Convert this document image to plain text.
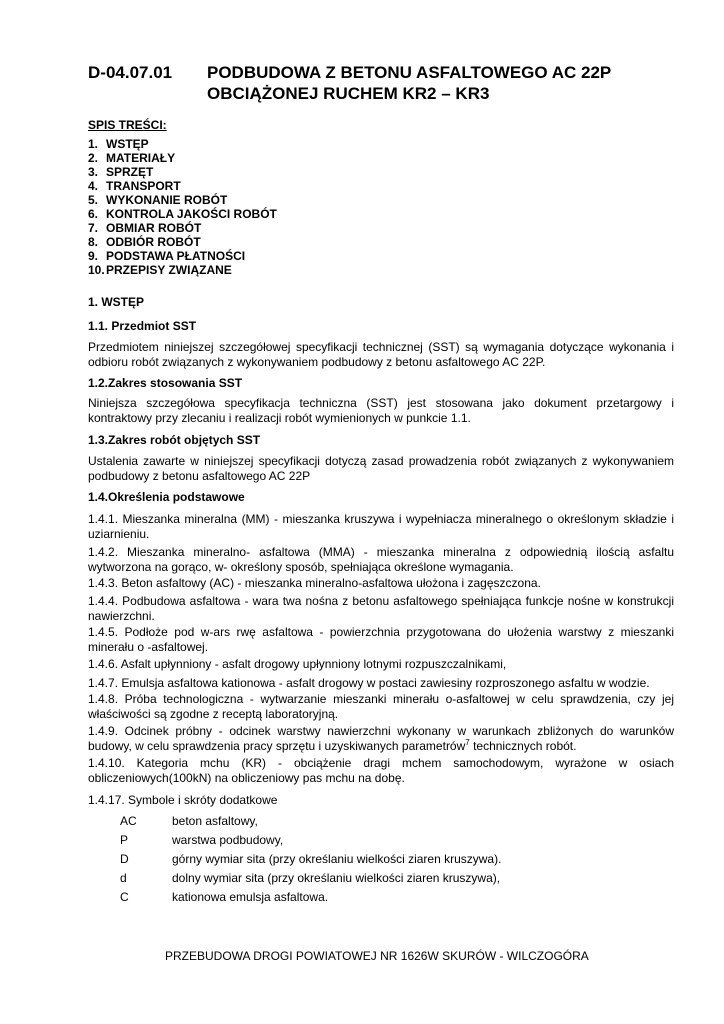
D-04.07.01 PODBUDOWA Z BETONU ASFALTOWEGO AC 22P
OBCIĄŻONEJ RUCHEM KR2 – KR3
SPIS TREŚCI:
1. WSTĘP
2. MATERIAŁY
3. SPRZĘT
4. TRANSPORT
5. WYKONANIE ROBÓT
6. KONTROLA JAKOŚCI ROBÓT
7. OBMIAR ROBÓT
8. ODBIÓR ROBÓT
9. PODSTAWA PŁATNOŚCI
10. PRZEPISY ZWIĄZANE
1. WSTĘP
1.1. Przedmiot SST
Przedmiotem niniejszej szczegółowej specyfikacji technicznej (SST) są wymagania dotyczące wykonania i odbioru robót związanych z wykonywaniem podbudowy z betonu asfaltowego AC 22P.
1.2.Zakres stosowania SST
Niniejsza szczegółowa specyfikacja techniczna (SST) jest stosowana jako dokument przetargowy i kontraktowy przy zlecaniu i realizacji robót wymienionych w punkcie 1.1.
1.3.Zakres robót objętych SST
Ustalenia zawarte w niniejszej specyfikacji dotyczą zasad prowadzenia robót związanych z wykonywaniem podbudowy z betonu asfaltowego AC 22P
1.4.Określenia podstawowe
1.4.1. Mieszanka mineralna (MM) - mieszanka kruszywa i wypełniacza mineralnego o określonym składzie i uziarnieniu.
1.4.2. Mieszanka mineralno- asfaltowa (MMA) - mieszanka mineralna z odpowiednią ilością asfaltu wytworzona na gorąco, w- określony sposób, spełniająca określone wymagania.
1.4.3. Beton asfaltowy (AC) - mieszanka mineralno-asfaltowa ułożona i zagęszczona.
1.4.4. Podbudowa asfaltowa - wara twa nośna z betonu asfaltowego spełniająca funkcje nośne w konstrukcji nawierzchni.
1.4.5. Podłoże pod w-ars rwę asfaltowa - powierzchnia przygotowana do ułożenia warstwy z mieszanki minerału o -asfaltowej.
1.4.6. Asfalt upłynniony - asfalt drogowy upłynniony lotnymi rozpuszczalnikami,
1.4.7. Emulsja asfaltowa kationowa - asfalt drogowy w postaci zawiesiny rozproszonego asfaltu w wodzie.
1.4.8. Próba technologiczna - wytwarzanie mieszanki minerału o-asfaltowej w celu sprawdzenia, czy jej właściwości są zgodne z receptą laboratoryjną.
1.4.9. Odcinek próbny - odcinek warstwy nawierzchni wykonany w warunkach zbliżonych do warunków budowy, w celu sprawdzenia pracy sprzętu i uzyskiwanych parametrów$^7$ technicznych robót.
1.4.10. Kategoria mchu (KR) - obciążenie dragi mchem samochodowym, wyrażone w osiach obliczeniowych(100kN) na obliczeniowy pas mchu na dobę.
1.4.17. Symbole i skróty dodatkowe
AC	beton asfaltowy,
P	warstwa podbudowy,
D	górny wymiar sita (przy określaniu wielkości ziaren kruszywa).
d	dolny wymiar sita (przy określaniu wielkości ziaren kruszywa),
C	kationowa emulsja asfaltowa.
PRZEBUDOWA DROGI POWIATOWEJ NR 1626W SKURÓW - WILCZOGÓRA
